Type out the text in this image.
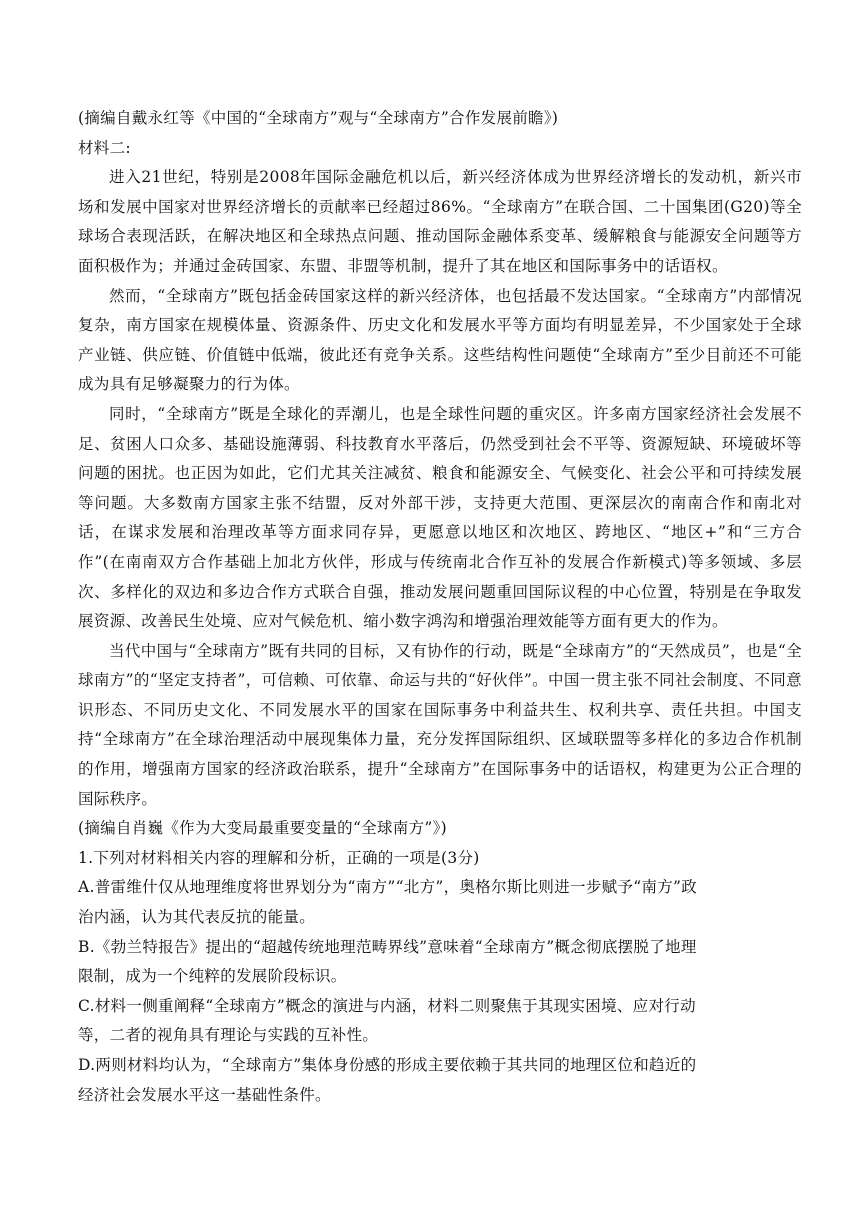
(摘编自戴永红等《中国的“全球南方”观与“全球南方”合作发展前瞻》)
材料二:

进入21世纪，特别是2008年国际金融危机以后，新兴经济体成为世界经济增长的发动机，新兴市场和发展中国家对世界经济增长的贡献率已经超过86%。“全球南方”在联合国、二十国集团(G20)等全球场合表现活跃，在解决地区和全球热点问题、推动国际金融体系变革、缓解粮食与能源安全问题等方面积极作为；并通过金砖国家、东盟、非盟等机制，提升了其在地区和国际事务中的话语权。

然而，“全球南方”既包括金砖国家这样的新兴经济体，也包括最不发达国家。“全球南方”内部情况复杂，南方国家在规模体量、资源条件、历史文化和发展水平等方面均有明显差异，不少国家处于全球产业链、供应链、价值链中低端，彼此还有竞争关系。这些结构性问题使“全球南方”至少目前还不可能成为具有足够凝聚力的行为体。

同时，“全球南方”既是全球化的弄潮儿，也是全球性问题的重灾区。许多南方国家经济社会发展不足、贫困人口众多、基础设施薄弱、科技教育水平落后，仍然受到社会不平等、资源短缺、环境破坏等问题的困扰。也正因为如此，它们尤其关注减贫、粮食和能源安全、气候变化、社会公平和可持续发展等问题。大多数南方国家主张不结盟，反对外部干涉，支持更大范围、更深层次的南南合作和南北对话，在谋求发展和治理改革等方面求同存异，更愿意以地区和次地区、跨地区、“地区+”和“三方合作”(在南南双方合作基础上加北方伙伴，形成与传统南北合作互补的发展合作新模式)等多领域、多层次、多样化的双边和多边合作方式联合自强，推动发展问题重回国际议程的中心位置，特别是在争取发展资源、改善民生处境、应对气候危机、缩小数字鸿沟和增强治理效能等方面有更大的作为。

当代中国与“全球南方”既有共同的目标，又有协作的行动，既是“全球南方”的“天然成员”，也是“全球南方”的“坚定支持者”，可信赖、可依靠、命运与共的“好伙伴”。中国一贯主张不同社会制度、不同意识形态、不同历史文化、不同发展水平的国家在国际事务中利益共生、权利共享、责任共担。中国支持“全球南方”在全球治理活动中展现集体力量，充分发挥国际组织、区域联盟等多样化的多边合作机制的作用，增强南方国家的经济政治联系，提升“全球南方”在国际事务中的话语权，构建更为公正合理的国际秩序。

(摘编自肖巍《作为大变局最重要变量的“全球南方”》)
1.下列对材料相关内容的理解和分析，正确的一项是(3分)
A.普雷维什仅从地理维度将世界划分为“南方”“北方”，奥格尔斯比则进一步赋予“南方”政
治内涵，认为其代表反抗的能量。
B.《勃兰特报告》提出的“超越传统地理范畴界线”意味着“全球南方”概念彻底摆脱了地理
限制，成为一个纯粹的发展阶段标识。
C.材料一侧重阐释“全球南方”概念的演进与内涵，材料二则聚焦于其现实困境、应对行动
等，二者的视角具有理论与实践的互补性。
D.两则材料均认为，“全球南方”集体身份感的形成主要依赖于其共同的地理区位和趋近的
经济社会发展水平这一基础性条件。
